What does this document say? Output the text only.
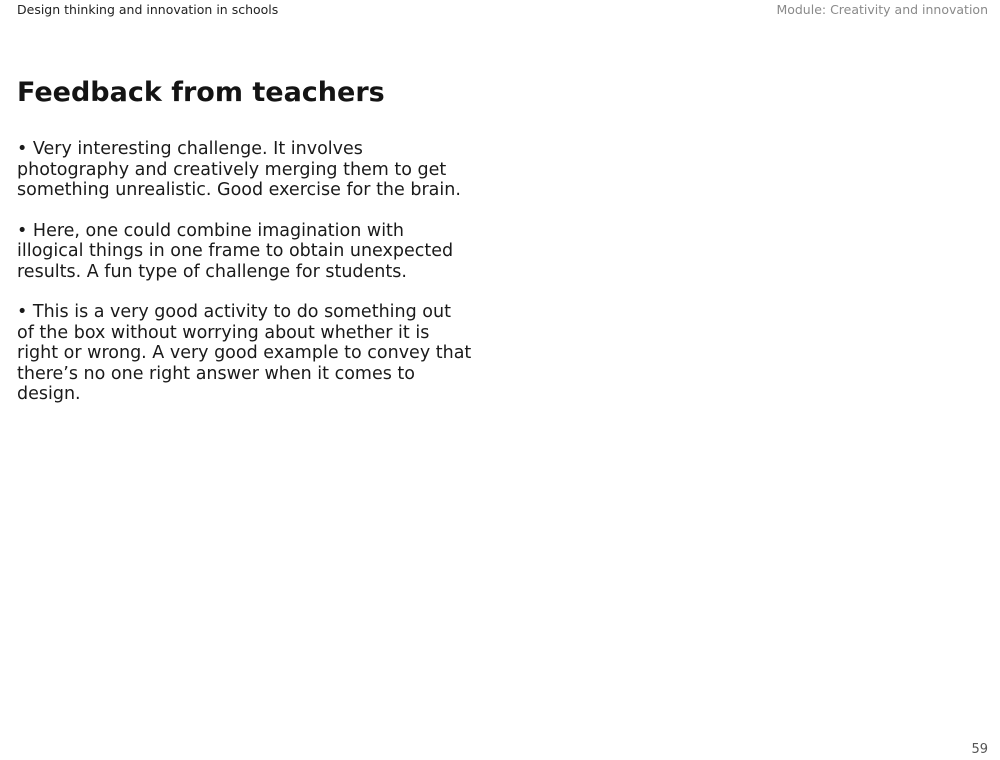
Design thinking and innovation in schools	Module: Creativity and innovation
Feedback from teachers
• Very interesting challenge. It involves photography and creatively merging them to get something unrealistic. Good exercise for the brain.
• Here, one could combine imagination with illogical things in one frame to obtain unexpected results. A fun type of challenge for students.
• This is a very good activity to do something out of the box without worrying about whether it is right or wrong. A very good example to convey that there’s no one right answer when it comes to design.
59
